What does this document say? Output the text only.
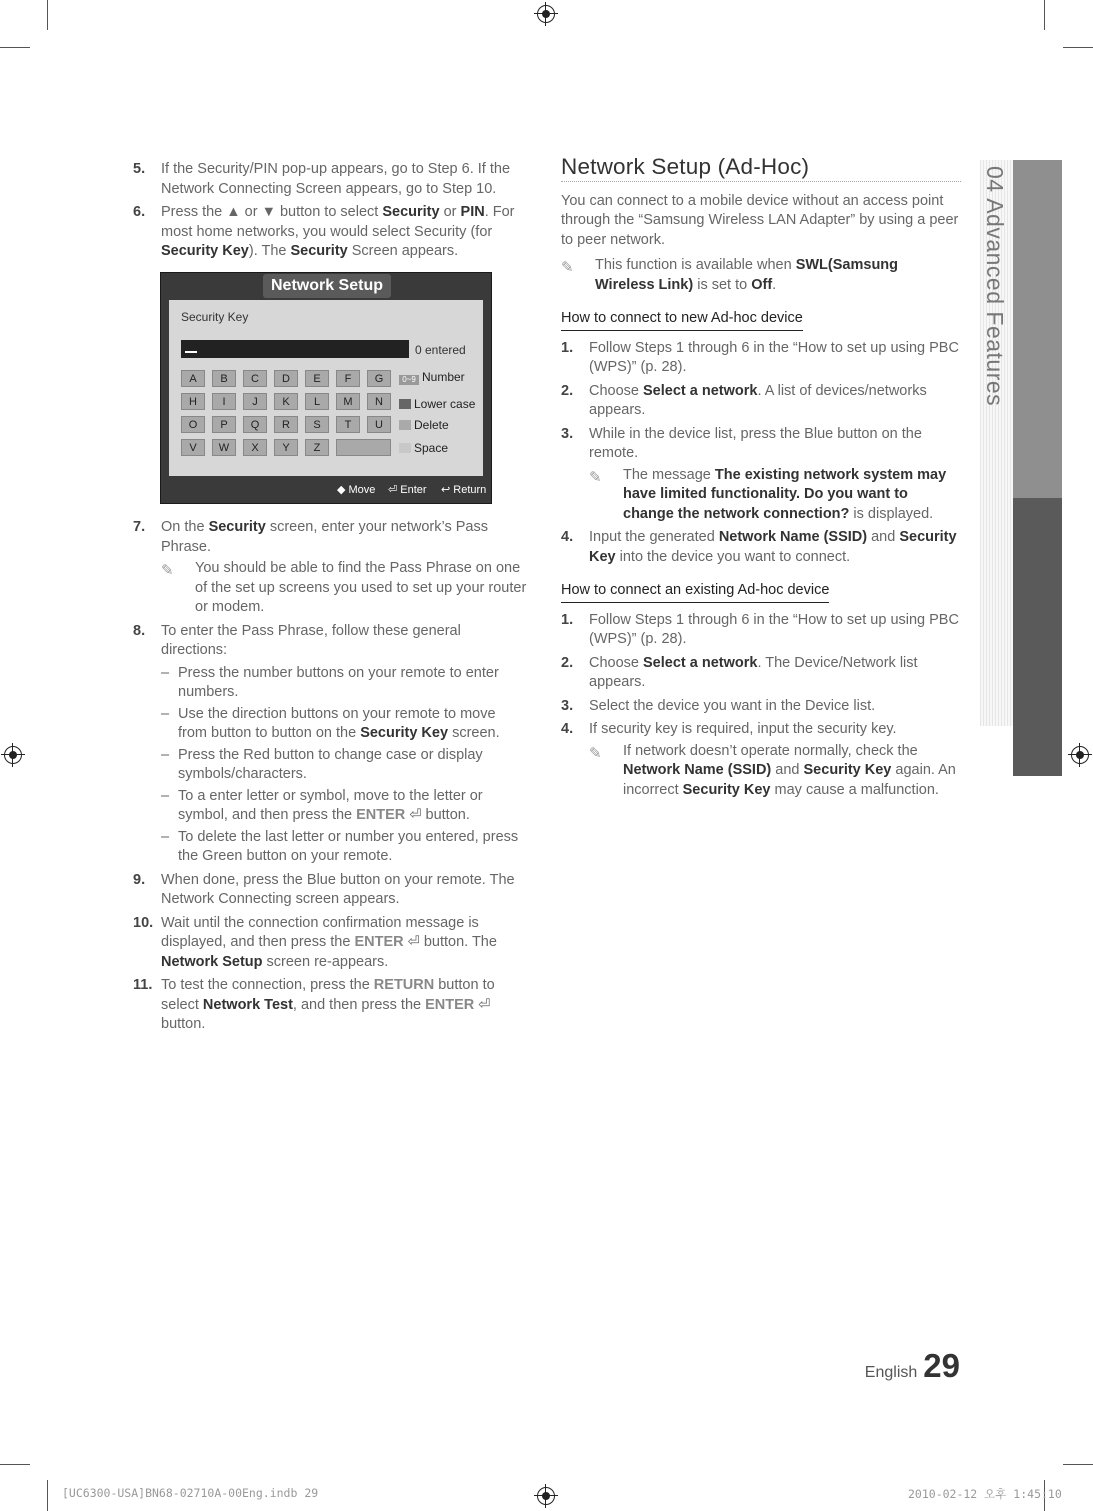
5. If the Security/PIN pop-up appears, go to Step 6. If the Network Connecting Screen appears, go to Step 10.
6. Press the ▲ or ▼ button to select Security or PIN. For most home networks, you would select Security (for Security Key). The Security Screen appears.
Network Setup
Security Key
0 entered
A	B	C	D	E	F	G
H	I	J	K	L	M	N
O	P	Q	R	S	T	U
V	W	X	Y	Z
0~9 Number
Lower case
Delete
Space
◆ Move ⏎ Enter ↩ Return
7. On the Security screen, enter your network’s Pass Phrase.
✎ You should be able to find the Pass Phrase on one of the set up screens you used to set up your router or modem.
8. To enter the Pass Phrase, follow these general directions:
– Press the number buttons on your remote to enter numbers.
– Use the direction buttons on your remote to move from button to button on the Security Key screen.
– Press the Red button to change case or display symbols/characters.
– To a enter letter or symbol, move to the letter or symbol, and then press the ENTER ⏎ button.
– To delete the last letter or number you entered, press the Green button on your remote.
9. When done, press the Blue button on your remote. The Network Connecting screen appears.
10. Wait until the connection confirmation message is displayed, and then press the ENTER ⏎ button. The Network Setup screen re-appears.
11. To test the connection, press the RETURN button to select Network Test, and then press the ENTER ⏎ button.
Network Setup (Ad-Hoc)
You can connect to a mobile device without an access point through the “Samsung Wireless LAN Adapter” by using a peer to peer network.
✎ This function is available when SWL(Samsung Wireless Link) is set to Off.
How to connect to new Ad-hoc device
1. Follow Steps 1 through 6 in the “How to set up using PBC (WPS)” (p. 28).
2. Choose Select a network. A list of devices/networks appears.
3. While in the device list, press the Blue button on the remote.
✎ The message The existing network system may have limited functionality. Do you want to change the network connection? is displayed.
4. Input the generated Network Name (SSID) and Security Key into the device you want to connect.
How to connect an existing Ad-hoc device
1. Follow Steps 1 through 6 in the “How to set up using PBC (WPS)” (p. 28).
2. Choose Select a network. The Device/Network list appears.
3. Select the device you want in the Device list.
4. If security key is required, input the security key.
✎ If network doesn’t operate normally, check the Network Name (SSID) and Security Key again. An incorrect Security Key may cause a malfunction.
04 Advanced Features
English 29
[UC6300-USA]BN68-02710A-00Eng.indb 29	2010-02-12 오후 1:45:10
